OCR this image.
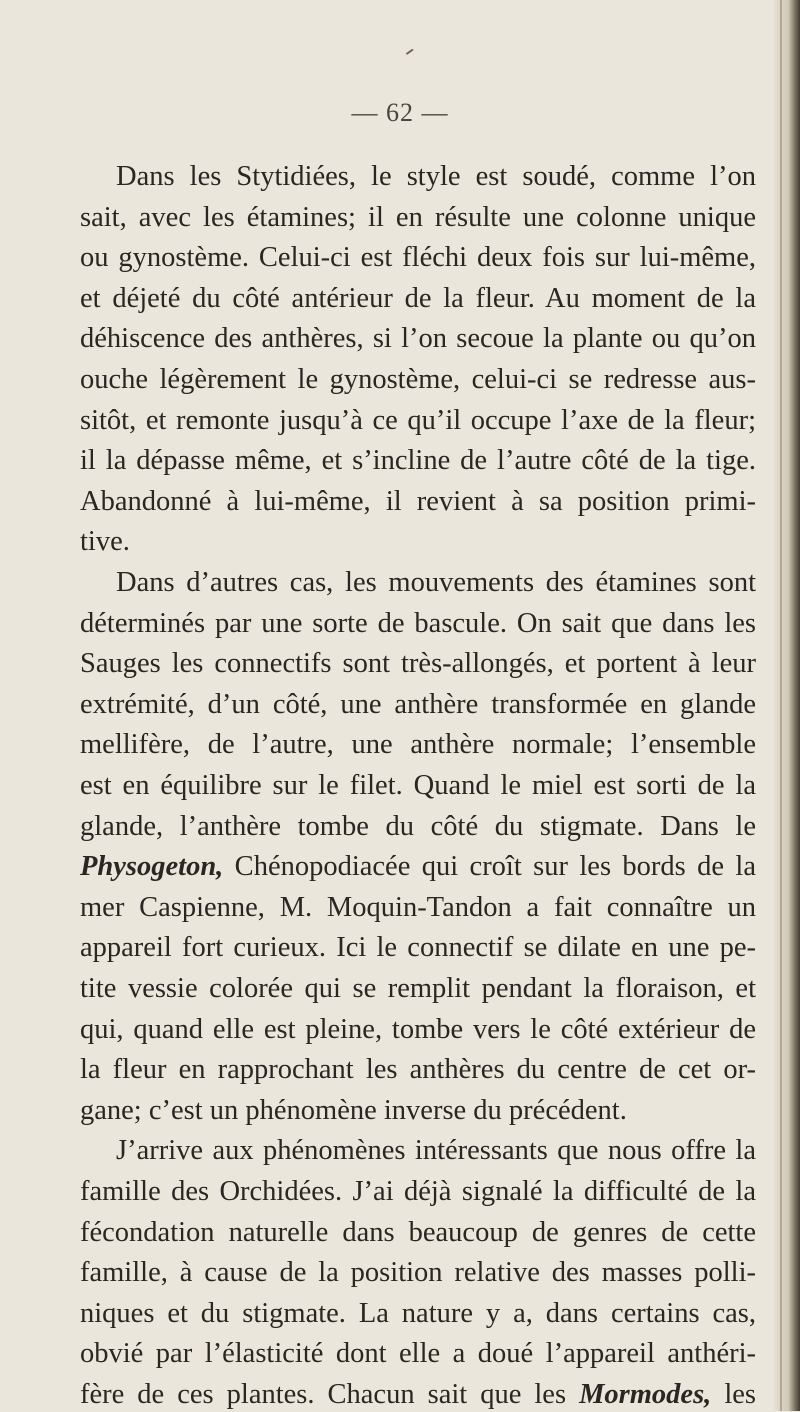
— 62 —
Dans les Stytidiées, le style est soudé, comme l’on
sait, avec les étamines; il en résulte une colonne unique
ou gynostème. Celui-ci est fléchi deux fois sur lui-même,
et déjeté du côté antérieur de la fleur. Au moment de la
déhiscence des anthères, si l’on secoue la plante ou qu’on
ouche légèrement le gynostème, celui-ci se redresse aus-
sitôt, et remonte jusqu’à ce qu’il occupe l’axe de la fleur;
il la dépasse même, et s’incline de l’autre côté de la tige.
Abandonné à lui-même, il revient à sa position primi-
tive.
Dans d’autres cas, les mouvements des étamines sont
déterminés par une sorte de bascule. On sait que dans les
Sauges les connectifs sont très-allongés, et portent à leur
extrémité, d’un côté, une anthère transformée en glande
mellifère, de l’autre, une anthère normale; l’ensemble
est en équilibre sur le filet. Quand le miel est sorti de la
glande, l’anthère tombe du côté du stigmate. Dans le
Physogeton, Chénopodiacée qui croît sur les bords de la
mer Caspienne, M. Moquin-Tandon a fait connaître un
appareil fort curieux. Ici le connectif se dilate en une pe-
tite vessie colorée qui se remplit pendant la floraison, et
qui, quand elle est pleine, tombe vers le côté extérieur de
la fleur en rapprochant les anthères du centre de cet or-
gane; c’est un phénomène inverse du précédent.
J’arrive aux phénomènes intéressants que nous offre la
famille des Orchidées. J’ai déjà signalé la difficulté de la
fécondation naturelle dans beaucoup de genres de cette
famille, à cause de la position relative des masses polli-
niques et du stigmate. La nature y a, dans certains cas,
obvié par l’élasticité dont elle a doué l’appareil anthéri-
fère de ces plantes. Chacun sait que les Mormodes, les
